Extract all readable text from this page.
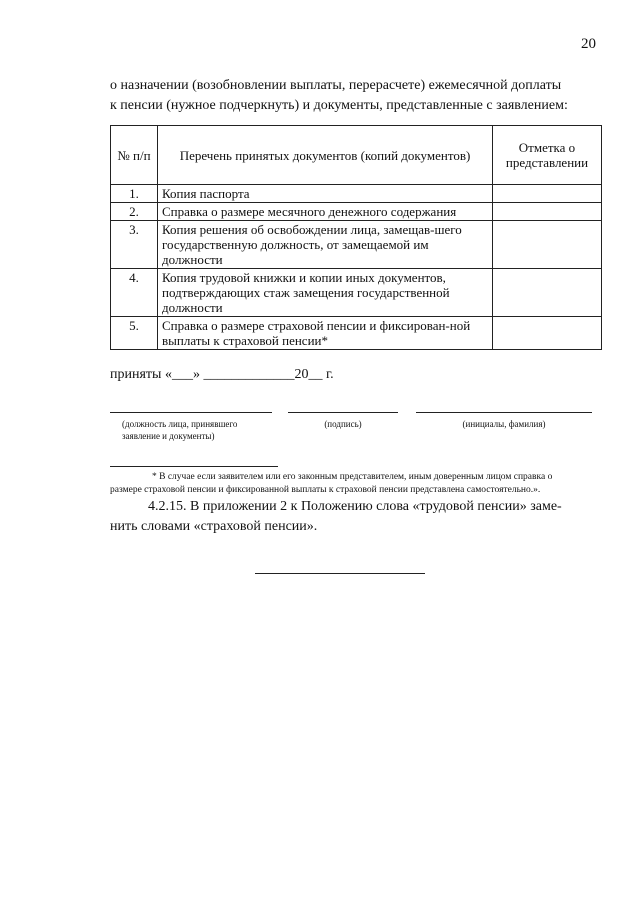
20
о назначении (возобновлении выплаты, перерасчете) ежемесячной доплаты
к пенсии (нужное подчеркнуть) и документы, представленные с заявлением:
№ п/п	Перечень принятых документов (копий документов)	Отметка о представлении
1.	Копия паспорта	
2.	Справка о размере месячного денежного содержания	
3.	Копия решения об освобождении лица, замещав-шего государственную должность, от замещаемой им должности	
4.	Копия трудовой книжки и копии иных документов, подтверждающих стаж замещения государственной должности	
5.	Справка о размере страховой пенсии и фиксирован-ной выплаты к страховой пенсии*	
приняты «___» _____________20__ г.
(должность лица, принявшего заявление и документы)
(подпись)	(инициалы, фамилия)
* В случае если заявителем или его законным представителем, иным доверенным лицом справка о
размере страховой пенсии и фиксированной выплаты к страховой пенсии представлена самостоятельно.».
4.2.15. В приложении 2 к Положению слова «трудовой пенсии» заме-
нить словами «страховой пенсии».
